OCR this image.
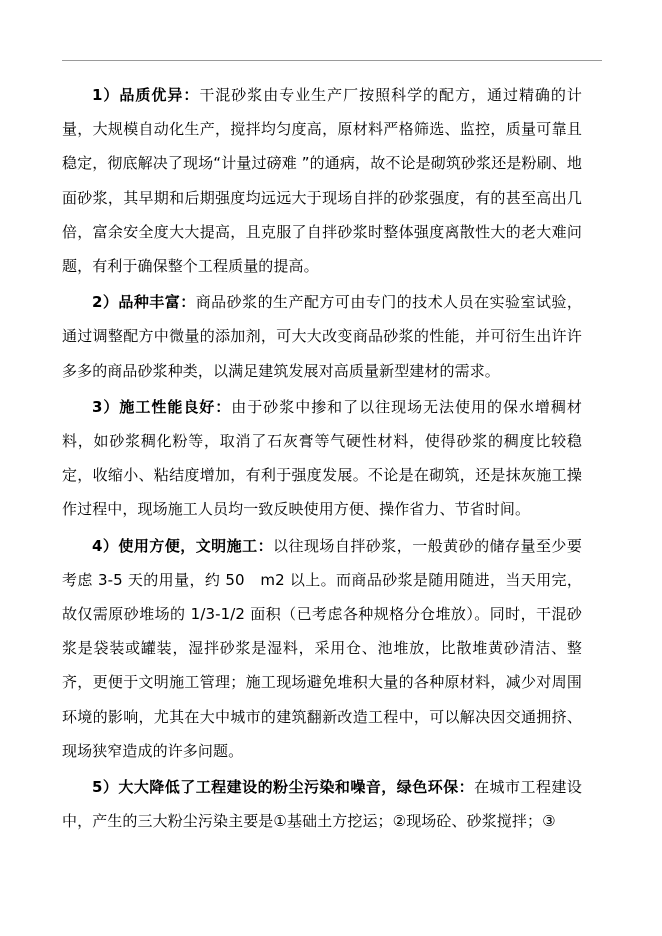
1）品质优异：干混砂浆由专业生产厂按照科学的配方，通过精确的计量，大规模自动化生产，搅拌均匀度高，原材料严格筛选、监控，质量可靠且稳定，彻底解决了现场“计量过磅难 ”的通病，故不论是砌筑砂浆还是粉刷、地面砂浆，其早期和后期强度均远远大于现场自拌的砂浆强度，有的甚至高出几倍，富余安全度大大提高，且克服了自拌砂浆时整体强度离散性大的老大难问题，有利于确保整个工程质量的提高。

2）品种丰富：商品砂浆的生产配方可由专门的技术人员在实验室试验，通过调整配方中微量的添加剂，可大大改变商品砂浆的性能，并可衍生出许许多多的商品砂浆种类，以满足建筑发展对高质量新型建材的需求。

3）施工性能良好：由于砂浆中掺和了以往现场无法使用的保水增稠材料，如砂浆稠化粉等，取消了石灰膏等气硬性材料，使得砂浆的稠度比较稳定，收缩小、粘结度增加，有利于强度发展。不论是在砌筑，还是抹灰施工操作过程中，现场施工人员均一致反映使用方便、操作省力、节省时间。

4）使用方便，文明施工：以往现场自拌砂浆，一般黄砂的储存量至少要考虑 3-5 天的用量，约 50　m2 以上。而商品砂浆是随用随进，当天用完，故仅需原砂堆场的 1/3-1/2 面积（已考虑各种规格分仓堆放）。同时，干混砂浆是袋装或罐装，湿拌砂浆是湿料，采用仓、池堆放，比散堆黄砂清洁、整齐，更便于文明施工管理；施工现场避免堆积大量的各种原材料，减少对周围环境的影响，尤其在大中城市的建筑翻新改造工程中，可以解决因交通拥挤、现场狭窄造成的许多问题。

5）大大降低了工程建设的粉尘污染和噪音，绿色环保：在城市工程建设中，产生的三大粉尘污染主要是①基础土方挖运；②现场砼、砂浆搅拌；③
